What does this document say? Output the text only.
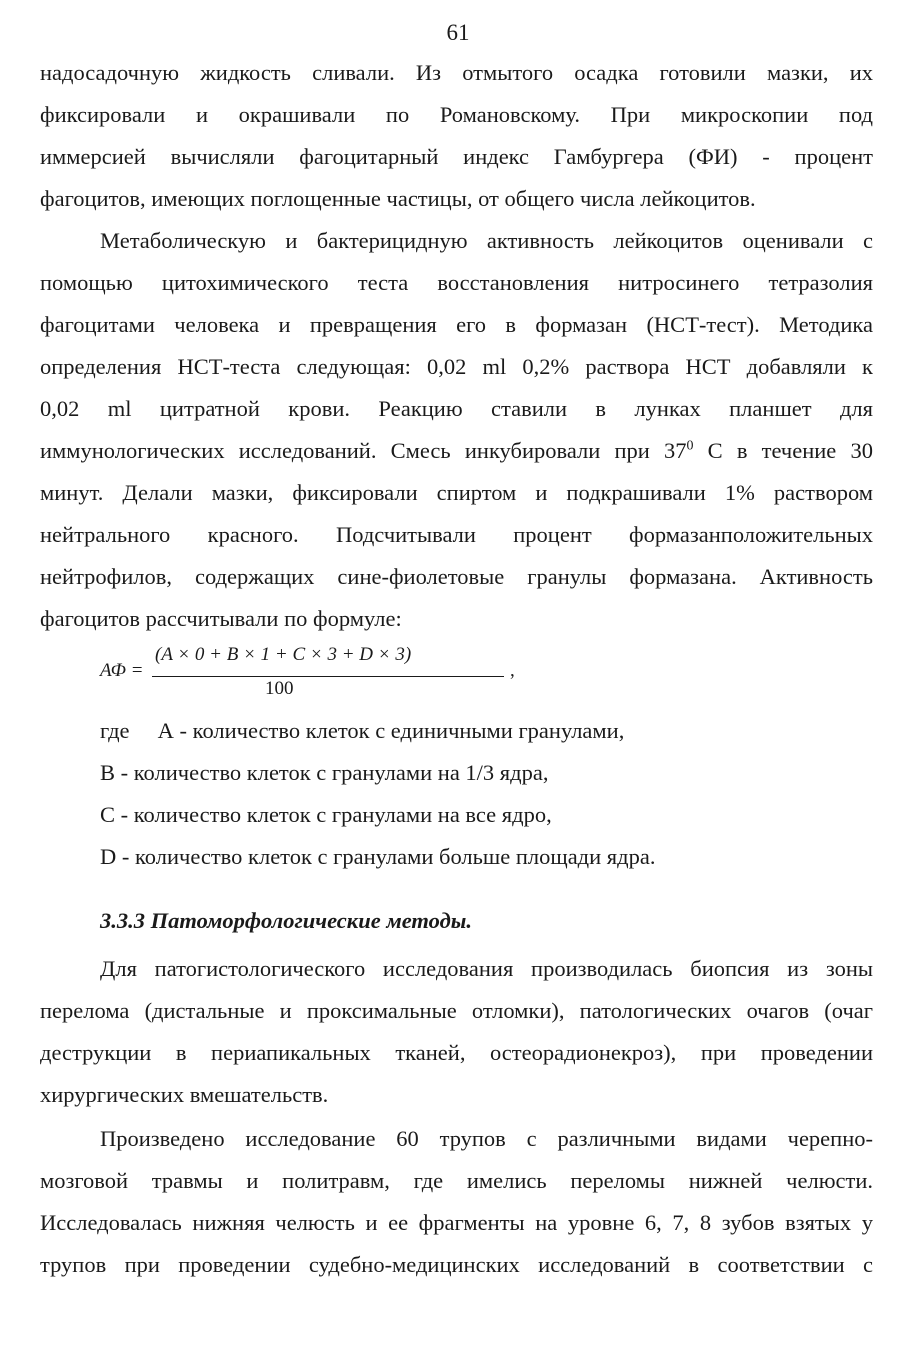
61
надосадочную жидкость сливали. Из отмытого осадка готовили мазки, их
фиксировали и окрашивали по Романовскому. При микроскопии под
иммерсией вычисляли фагоцитарный индекс Гамбургера (ФИ) - процент
фагоцитов, имеющих поглощенные частицы, от общего числа лейкоцитов.
Метаболическую и бактерицидную активность лейкоцитов оценивали с
помощью цитохимического теста восстановления нитросинего тетразолия
фагоцитами человека и превращения его в формазан (НСТ-тест). Методика
определения НСТ-теста следующая: 0,02 ml 0,2% раствора НСТ добавляли к
0,02 ml цитратной крови. Реакцию ставили в лунках планшет для
иммунологических исследований. Смесь инкубировали при $37^0$ С в течение 30
минут. Делали мазки, фиксировали спиртом и подкрашивали 1% раствором
нейтрального красного. Подсчитывали процент формазанположительных
нейтрофилов, содержащих сине-фиолетовые гранулы формазана. Активность
фагоцитов рассчитывали по формуле:
АФ =
(A × 0 + B × 1 + C × 3 + D × 3)
100
,
где А - количество клеток с единичными гранулами,
В - количество клеток с гранулами на 1/3 ядра,
С - количество клеток с гранулами на все ядро,
D - количество клеток с гранулами больше площади ядра.
3.3.3 Патоморфологические методы.
Для патогистологического исследования производилась биопсия из зоны
перелома (дистальные и проксимальные отломки), патологических очагов (очаг
деструкции в периапикальных тканей, остеорадионекроз), при проведении
хирургических вмешательств.
Произведено исследование 60 трупов с различными видами черепно-
мозговой травмы и политравм, где имелись переломы нижней челюсти.
Исследовалась нижняя челюсть и ее фрагменты на уровне 6, 7, 8 зубов взятых у
трупов при проведении судебно-медицинских исследований в соответствии с
